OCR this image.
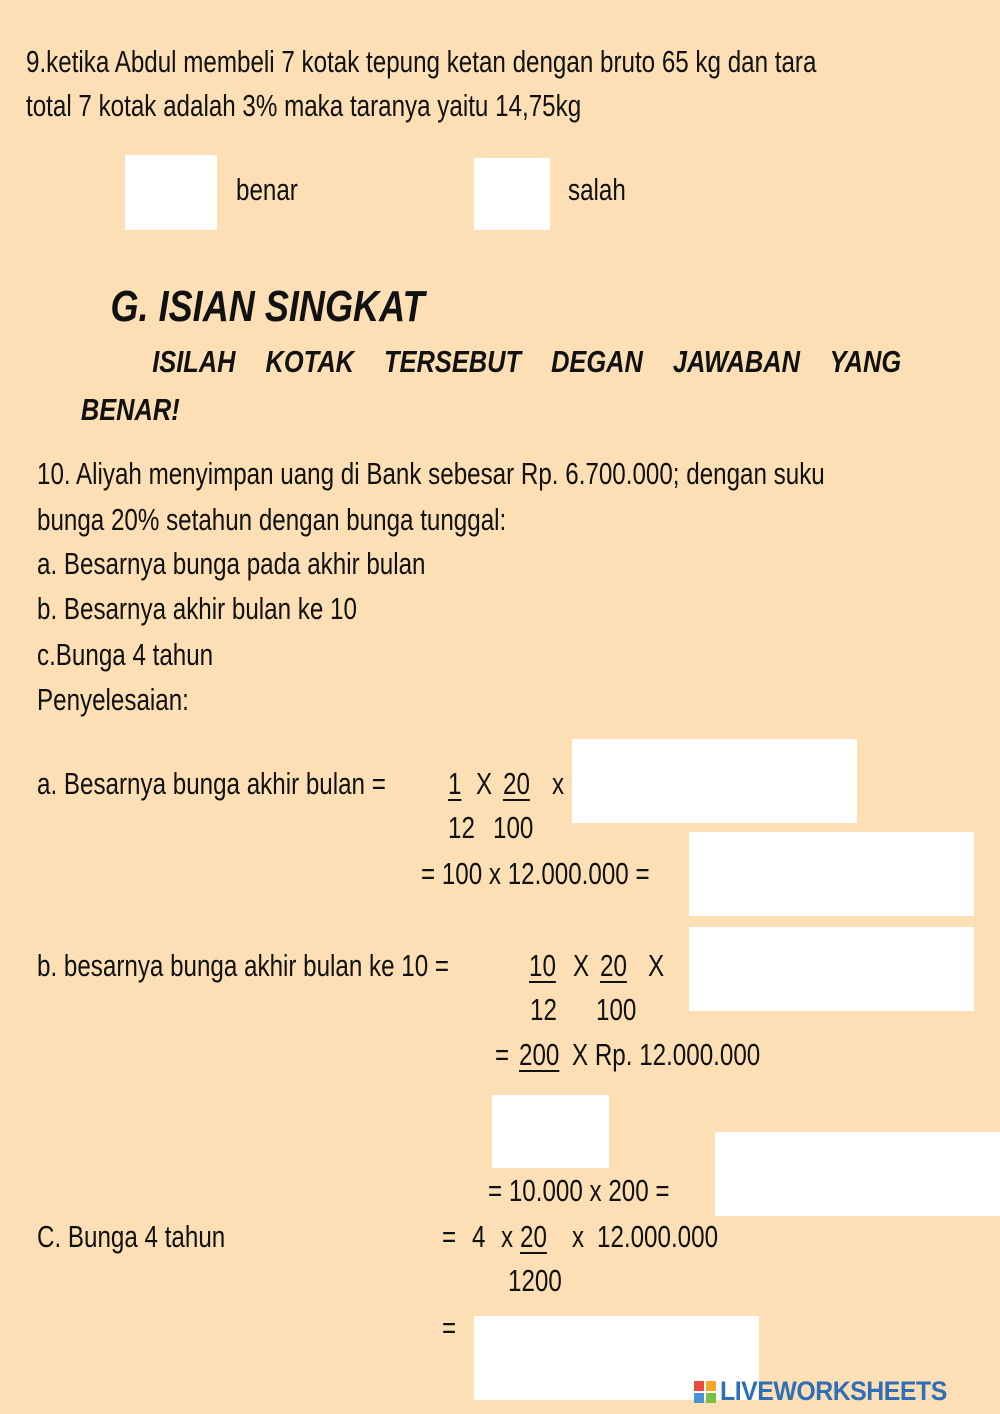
9.ketika Abdul membeli 7 kotak tepung ketan dengan bruto 65 kg dan tara
total 7 kotak adalah 3% maka taranya yaitu 14,75kg
benar	salah
G. ISIAN SINGKAT
ISILAH KOTAK TERSEBUT DEGAN JAWABAN YANG
BENAR!
10. Aliyah menyimpan uang di Bank sebesar Rp. 6.700.000; dengan suku
bunga 20% setahun dengan bunga tunggal:
a. Besarnya bunga pada akhir bulan
b. Besarnya akhir bulan ke 10
c.Bunga 4 tahun
Penyelesaian:
a. Besarnya bunga akhir bulan = 1 X 20 x
12 100
= 100 x 12.000.000 =
b. besarnya bunga akhir bulan ke 10 =	10 X 20 X
12 100
= 200 X Rp. 12.000.000
= 10.000 x 200 =
C. Bunga 4 tahun	= 4 x 20 x 12.000.000
1200
=
LIVEWORKSHEETS
